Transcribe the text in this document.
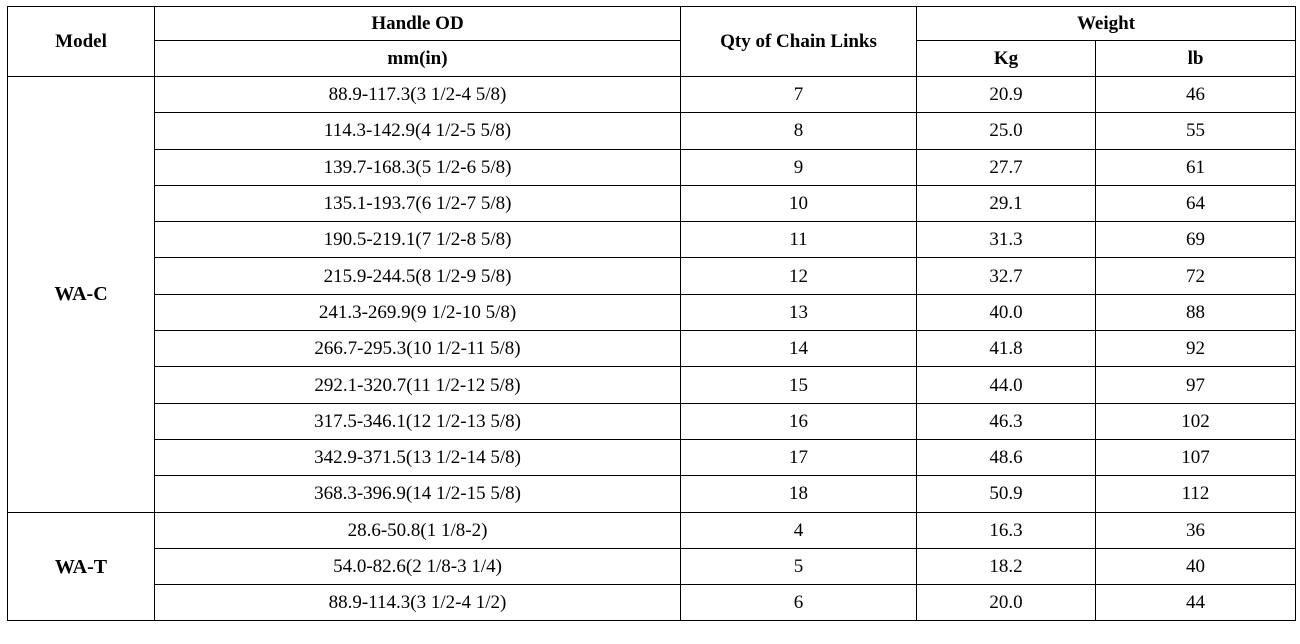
Model	Handle OD	Qty of Chain Links	Weight	
	mm(in)		Kg	lb
WA-C	88.9-117.3(3 1/2-4 5/8)	7	20.9	46
	114.3-142.9(4 1/2-5 5/8)	8	25.0	55
	139.7-168.3(5 1/2-6 5/8)	9	27.7	61
	135.1-193.7(6 1/2-7 5/8)	10	29.1	64
	190.5-219.1(7 1/2-8 5/8)	11	31.3	69
	215.9-244.5(8 1/2-9 5/8)	12	32.7	72
	241.3-269.9(9 1/2-10 5/8)	13	40.0	88
	266.7-295.3(10 1/2-11 5/8)	14	41.8	92
	292.1-320.7(11 1/2-12 5/8)	15	44.0	97
	317.5-346.1(12 1/2-13 5/8)	16	46.3	102
	342.9-371.5(13 1/2-14 5/8)	17	48.6	107
	368.3-396.9(14 1/2-15 5/8)	18	50.9	112
WA-T	28.6-50.8(1 1/8-2)	4	16.3	36
	54.0-82.6(2 1/8-3 1/4)	5	18.2	40
	88.9-114.3(3 1/2-4 1/2)	6	20.0	44
